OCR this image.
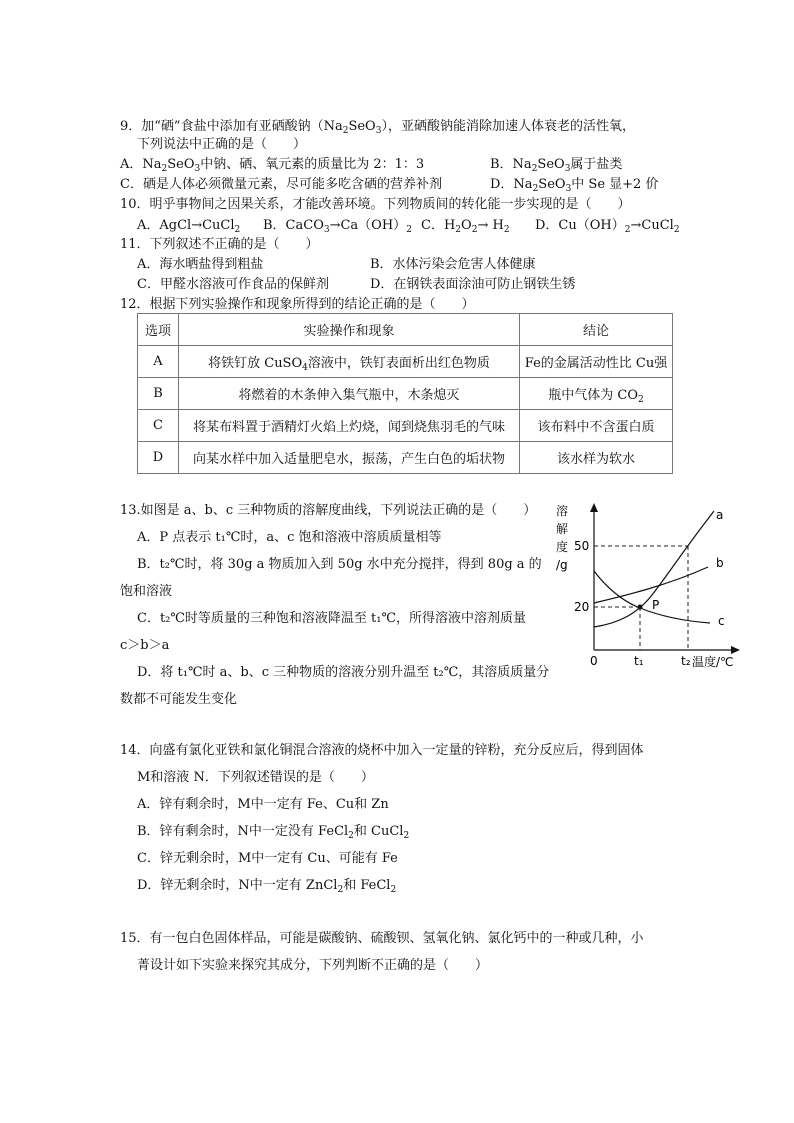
9．加“硒”食盐中添加有亚硒酸钠$(Na_2SeO_3)$，亚硒酸钠能消除加速人体衰老的活性氧，
下列说法中正确的是（　　）
A．$Na_2SeO_3$中钠、硒、氧元素的质量比为 2：1：3	B．$Na_2SeO_3$属于盐类
C．硒是人体必须微量元素，尽可能多吃含硒的营养补剂	D．$Na_2SeO_3$中 Se 显+2 价
10．明乎事物间之因果关系，才能改善环境。下列物质间的转化能一步实现的是（　　）
A．AgCl→CuCl$_2$ B．$CaCO_3\to Ca(OH)_2$ C．$H_2O_2\to H_2$ D．$Cu(OH)_2\to CuCl_2$
11．下列叙述不正确的是（　　）
A．海水晒盐得到粗盐	B．水体污染会危害人体健康
C．甲醛水溶液可作食品的保鲜剂	D．在钢铁表面涂油可防止钢铁生锈
12．根据下列实验操作和现象所得到的结论正确的是（　　）
选项	实验操作和现象	结论
A	将铁钉放 CuSO$_4$溶液中，铁钉表面析出红色物质	Fe的金属活动性比 Cu强
B	将燃着的木条伸入集气瓶中，木条熄灭	瓶中气体为 $CO_2$
C	将某布料置于酒精灯火焰上灼烧，闻到烧焦羽毛的气味	该布料中不含蛋白质
D	向某水样中加入适量肥皂水，振荡，产生白色的垢状物	该水样为软水
13.如图是 a、b、c 三种物质的溶解度曲线，下列说法正确的是（　　）
A．P 点表示 t₁℃时，a、c 饱和溶液中溶质质量相等
B．t₂℃时，将 30g a 物质加入到 50g 水中充分搅拌，得到 80g a 的
饱和溶液
C．t₂℃时等质量的三种饱和溶液降温至 t₁℃，所得溶液中溶剂质量
c＞b＞a
D．将 t₁℃时 a、b、c 三种物质的溶液分别升温至 t₂℃，其溶质质量分
数都不可能发生变化
溶
解
度
/g
50
20
0	t₁	t₂ 温度/℃
P
a
b
c
14．向盛有氯化亚铁和氯化铜混合溶液的烧杯中加入一定量的锌粉，充分反应后，得到固体
M和溶液 N．下列叙述错误的是（　　）
A．锌有剩余时，M中一定有 Fe、Cu和 Zn
B．锌有剩余时，N中一定没有 FeCl$_2$和 CuCl$_2$
C．锌无剩余时，M中一定有 Cu、可能有 Fe
D．锌无剩余时，N中一定有 ZnCl$_2$和 FeCl$_2$
15．有一包白色固体样品，可能是碳酸钠、硫酸钡、氢氧化钠、氯化钙中的一种或几种，小
菁设计如下实验来探究其成分，下列判断不正确的是（　　）
